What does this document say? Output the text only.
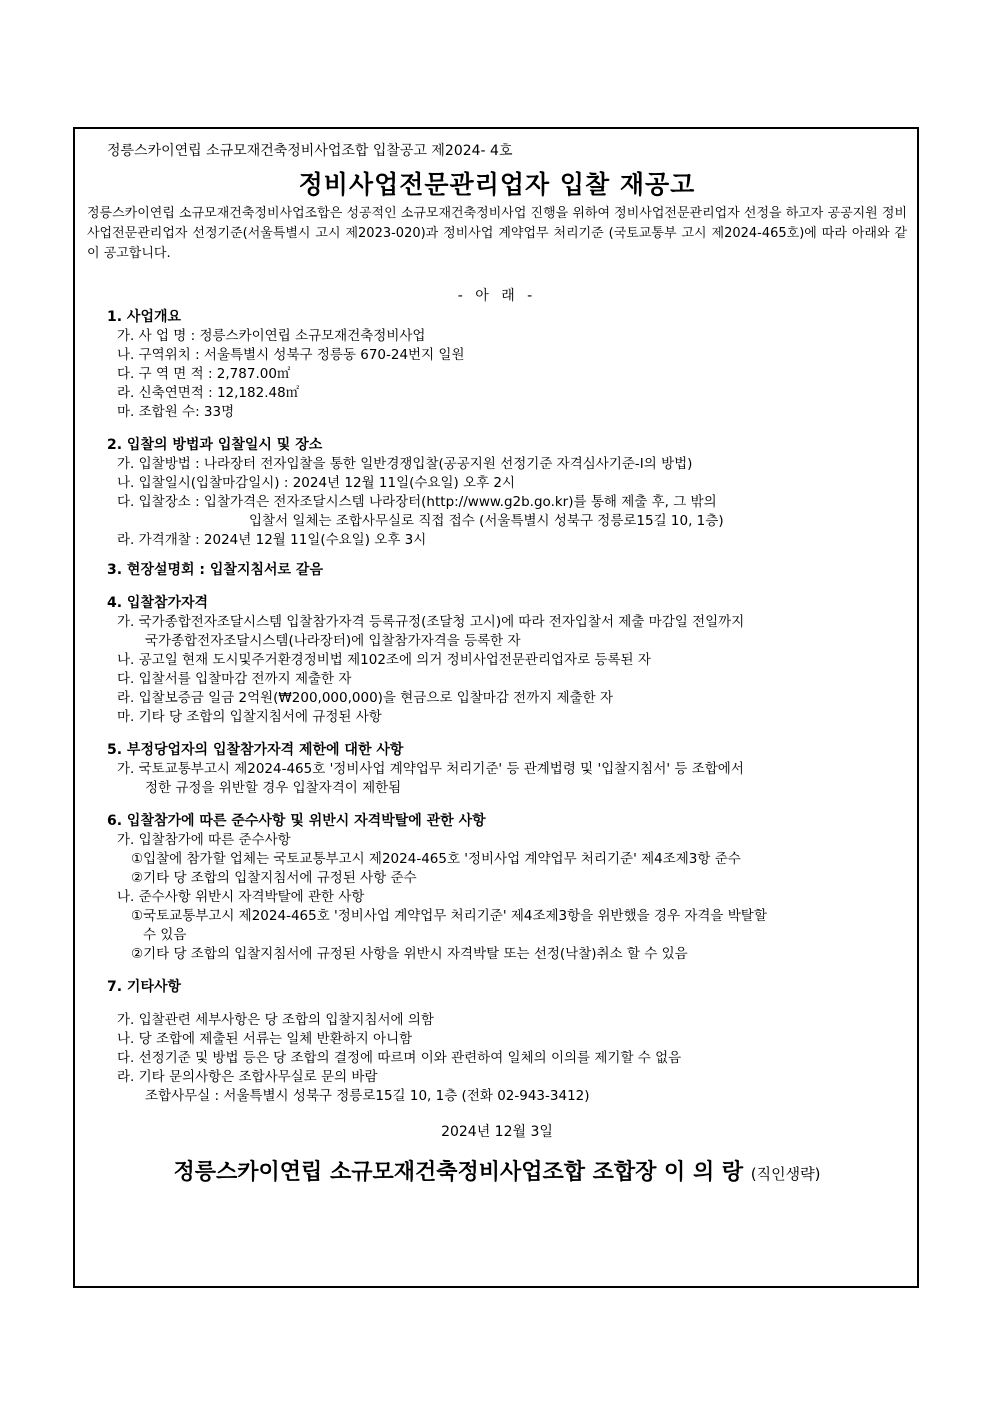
정릉스카이연립 소규모재건축정비사업조합 입찰공고 제2024- 4호
정비사업전문관리업자 입찰 재공고
정릉스카이연립 소규모재건축정비사업조합은 성공적인 소규모재건축정비사업 진행을 위하여 정비사업전문관리업자 선정을 하고자 공공지원 정비사업전문관리업자 선정기준(서울특별시 고시 제2023-020)과 정비사업 계약업무 처리기준 (국토교통부 고시 제2024-465호)에 따라 아래와 같이 공고합니다.
- 아 래 -
1. 사업개요
가. 사 업 명 : 정릉스카이연립 소규모재건축정비사업
나. 구역위치 : 서울특별시 성북구 정릉동 670-24번지 일원
다. 구 역 면 적 : 2,787.00㎡
라. 신축연면적 : 12,182.48㎡
마. 조합원 수: 33명
2. 입찰의 방법과 입찰일시 및 장소
가. 입찰방법 : 나라장터 전자입찰을 통한 일반경쟁입찰(공공지원 선정기준 자격심사기준-Ⅰ의 방법)
나. 입찰일시(입찰마감일시) : 2024년 12월 11일(수요일) 오후 2시
다. 입찰장소 : 입찰가격은 전자조달시스템 나라장터(http://www.g2b.go.kr)를 통해 제출 후, 그 밖의
입찰서 일체는 조합사무실로 직접 접수 (서울특별시 성북구 정릉로15길 10, 1층)
라. 가격개찰 : 2024년 12월 11일(수요일) 오후 3시
3. 현장설명회 : 입찰지침서로 갈음
4. 입찰참가자격
가. 국가종합전자조달시스템 입찰참가자격 등록규정(조달청 고시)에 따라 전자입찰서 제출 마감일 전일까지
국가종합전자조달시스템(나라장터)에 입찰참가자격을 등록한 자
나. 공고일 현재 도시및주거환경정비법 제102조에 의거 정비사업전문관리업자로 등록된 자
다. 입찰서를 입찰마감 전까지 제출한 자
라. 입찰보증금 일금 2억원(₩200,000,000)을 현금으로 입찰마감 전까지 제출한 자
마. 기타 당 조합의 입찰지침서에 규정된 사항
5. 부정당업자의 입찰참가자격 제한에 대한 사항
가. 국토교통부고시 제2024-465호 '정비사업 계약업무 처리기준' 등 관계법령 및 '입찰지침서' 등 조합에서
정한 규정을 위반할 경우 입찰자격이 제한됨
6. 입찰참가에 따른 준수사항 및 위반시 자격박탈에 관한 사항
가. 입찰참가에 따른 준수사항
①입찰에 참가할 업체는 국토교통부고시 제2024-465호 '정비사업 계약업무 처리기준' 제4조제3항 준수
②기타 당 조합의 입찰지침서에 규정된 사항 준수
나. 준수사항 위반시 자격박탈에 관한 사항
①국토교통부고시 제2024-465호 '정비사업 계약업무 처리기준' 제4조제3항을 위반했을 경우 자격을 박탈할
수 있음
②기타 당 조합의 입찰지침서에 규정된 사항을 위반시 자격박탈 또는 선정(낙찰)취소 할 수 있음
7. 기타사항
가. 입찰관련 세부사항은 당 조합의 입찰지침서에 의함
나. 당 조합에 제출된 서류는 일체 반환하지 아니함
다. 선정기준 및 방법 등은 당 조합의 결정에 따르며 이와 관련하여 일체의 이의를 제기할 수 없음
라. 기타 문의사항은 조합사무실로 문의 바람
조합사무실 : 서울특별시 성북구 정릉로15길 10, 1층 (전화 02-943-3412)
2024년 12월 3일
정릉스카이연립 소규모재건축정비사업조합 조합장 이 의 랑 (직인생략)
